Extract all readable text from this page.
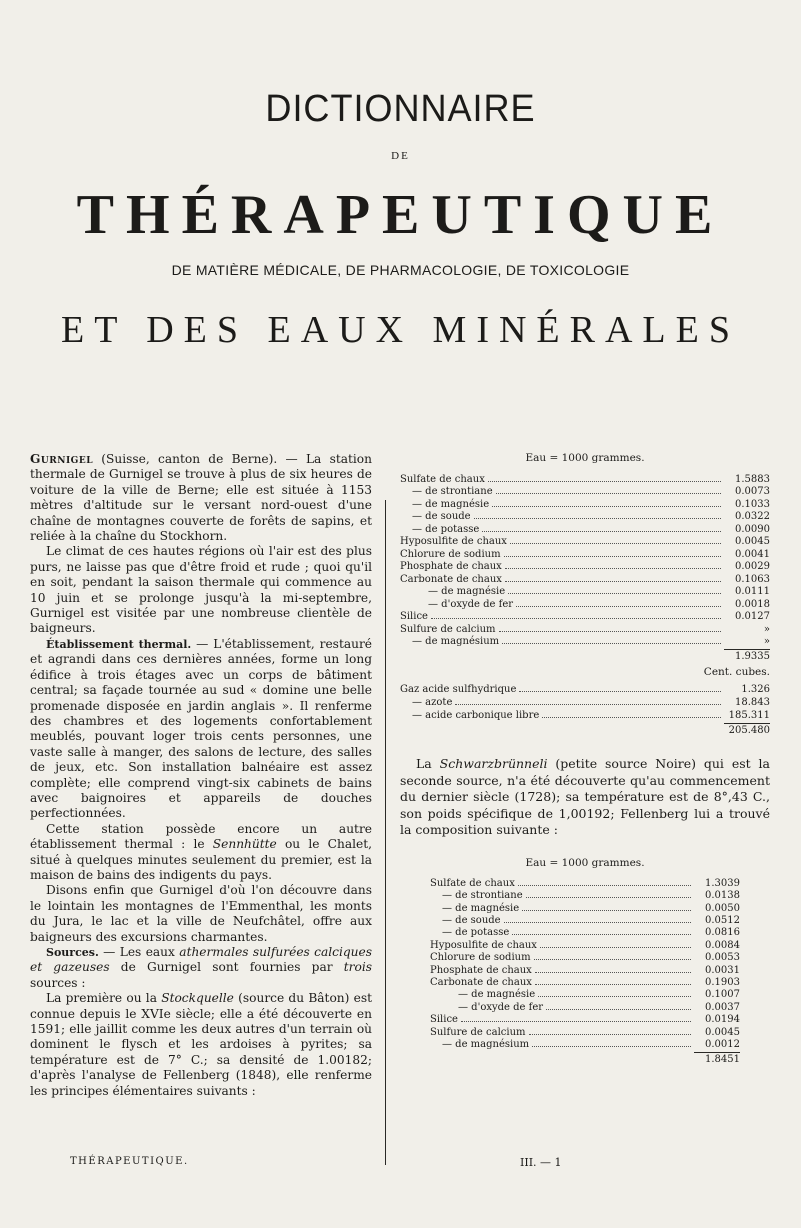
DICTIONNAIRE
DE
THÉRAPEUTIQUE
DE MATIÈRE MÉDICALE, DE PHARMACOLOGIE, DE TOXICOLOGIE
ET DES EAUX MINÉRALES

Gurnigel (Suisse, canton de Berne). — La station thermale de Gurnigel se trouve à plus de six heures de voiture de la ville de Berne; elle est située à 1153 mètres d'altitude sur le versant nord-ouest d'une chaîne de montagnes couverte de forêts de sapins, et reliée à la chaîne du Stockhorn.

Le climat de ces hautes régions où l'air est des plus purs, ne laisse pas que d'être froid et rude ; quoi qu'il en soit, pendant la saison thermale qui commence au 10 juin et se prolonge jusqu'à la mi-septembre, Gurnigel est visitée par une nombreuse clientèle de baigneurs.

Établissement thermal. — L'établissement, restauré et agrandi dans ces dernières années, forme un long édifice à trois étages avec un corps de bâtiment central; sa façade tournée au sud « domine une belle promenade disposée en jardin anglais ». Il renferme des chambres et des logements confortablement meublés, pouvant loger trois cents personnes, une vaste salle à manger, des salons de lecture, des salles de jeux, etc. Son installation balnéaire est assez complète; elle comprend vingt-six cabinets de bains avec baignoires et appareils de douches perfectionnées.

Cette station possède encore un autre établissement thermal : le Sennhütte ou le Chalet, situé à quelques minutes seulement du premier, est la maison de bains des indigents du pays.

Disons enfin que Gurnigel d'où l'on découvre dans le lointain les montagnes de l'Emmenthal, les monts du Jura, le lac et la ville de Neufchâtel, offre aux baigneurs des excursions charmantes.

Sources. — Les eaux athermales sulfurées calciques et gazeuses de Gurnigel sont fournies par trois sources :

La première ou la Stockquelle (source du Bâton) est connue depuis le XVIe siècle; elle a été découverte en 1591; elle jaillit comme les deux autres d'un terrain où dominent le flysch et les ardoises à pyrites; sa température est de 7° C.; sa densité de 1.00182; d'après l'analyse de Fellenberg (1848), elle renferme les principes élémentaires suivants :

THÉRAPEUTIQUE.
Eau = 1000 grammes.
Sulfate de chaux	1.5883
— de strontiane	0.0073
— de magnésie	0.1033
— de soude	0.0322
— de potasse	0.0090
Hyposulfite de chaux	0.0045
Chlorure de sodium	0.0041
Phosphate de chaux	0.0029
Carbonate de chaux	0.1063
— de magnésie	0.0111
— d'oxyde de fer	0.0018
Silice	0.0127
Sulfure de calcium	»
— de magnésium	»
1.9335
Cent. cubes.
Gaz acide sulfhydrique	1.326
— azote	18.843
— acide carbonique libre	185.311
205.480

La Schwarzbrünneli (petite source Noire) qui est la seconde source, n'a été découverte qu'au commencement du dernier siècle (1728); sa température est de 8°,43 C., son poids spécifique de 1,00192; Fellenberg lui a trouvé la composition suivante :

Eau = 1000 grammes.
Sulfate de chaux	1.3039
— de strontiane	0.0138
— de magnésie	0.0050
— de soude	0.0512
— de potasse	0.0816
Hyposulfite de chaux	0.0084
Chlorure de sodium	0.0053
Phosphate de chaux	0.0031
Carbonate de chaux	0.1903
— de magnésie	0.1007
— d'oxyde de fer	0.0037
Silice	0.0194
Sulfure de calcium	0.0045
— de magnésium	0.0012
1.8451
III. — 1
